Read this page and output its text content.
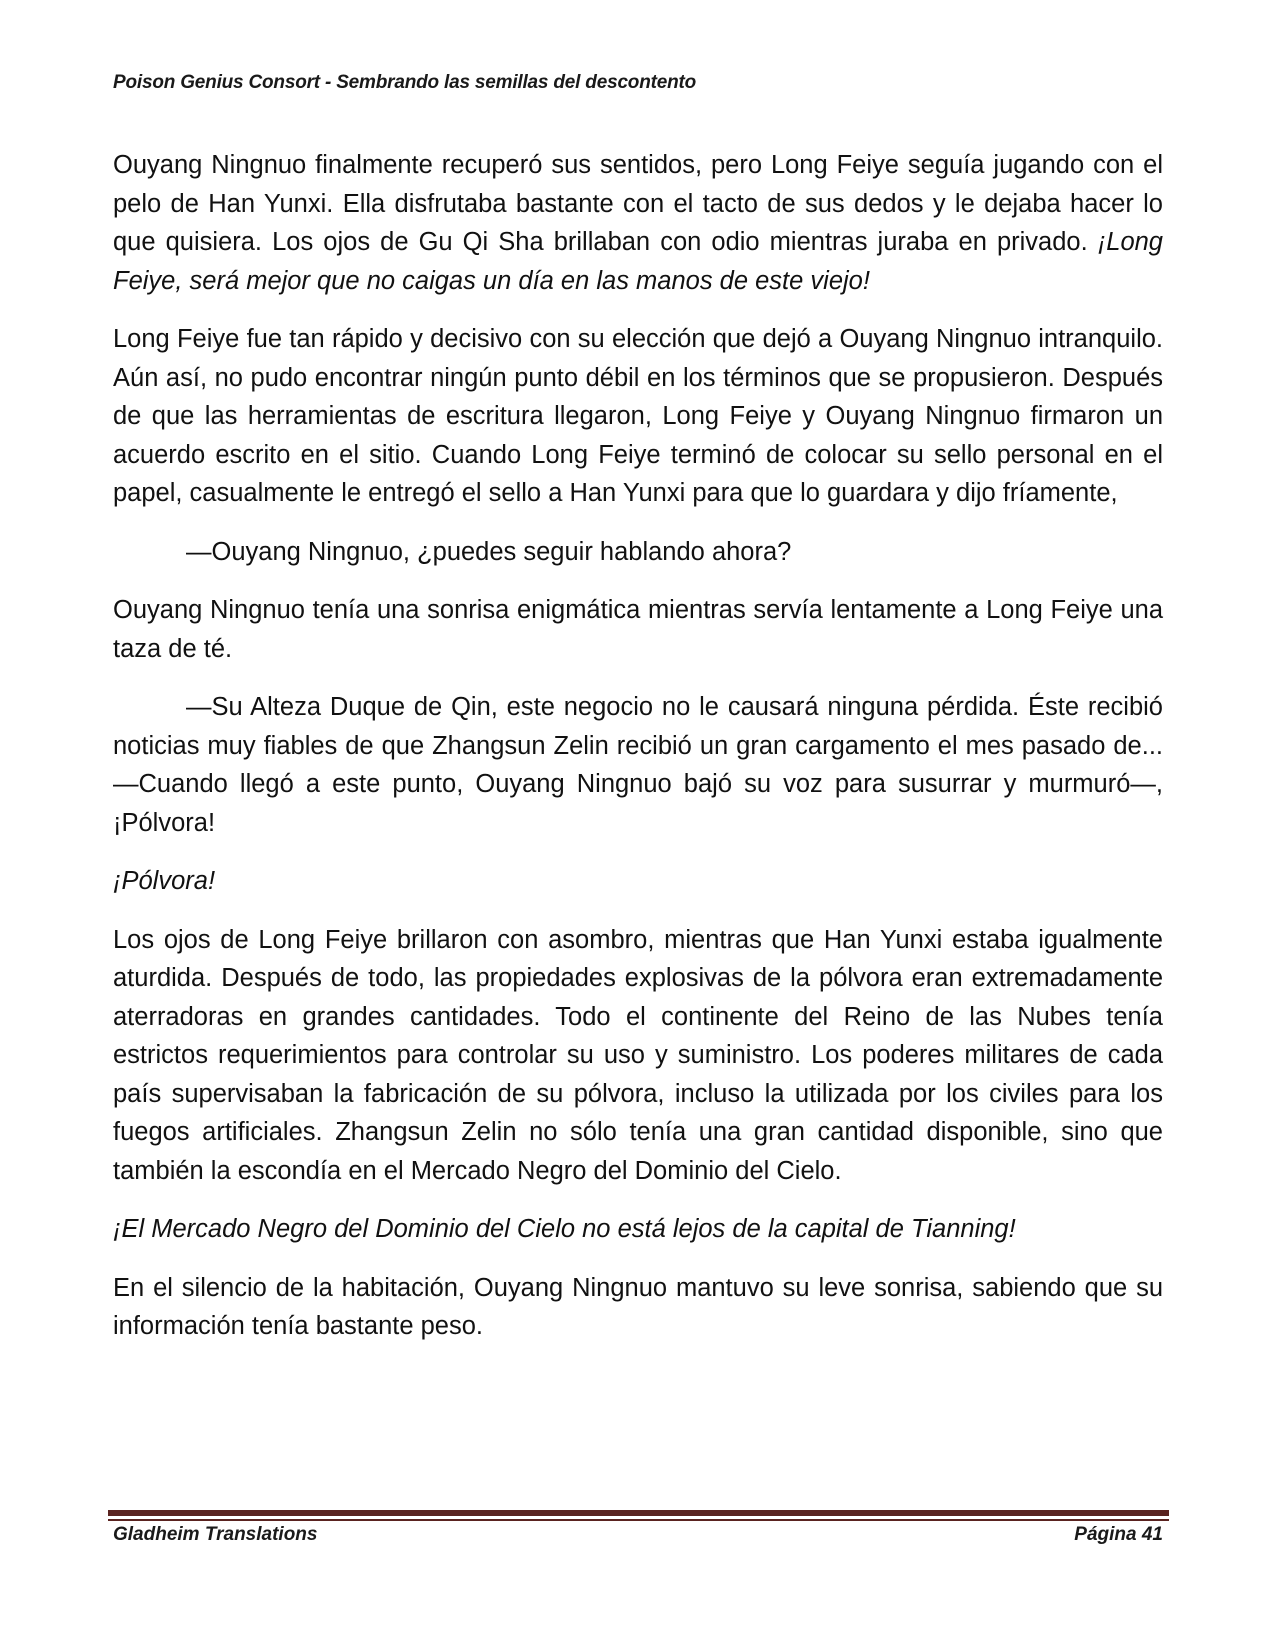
Poison Genius Consort - Sembrando las semillas del descontento

Ouyang Ningnuo finalmente recuperó sus sentidos, pero Long Feiye seguía jugando con el pelo de Han Yunxi. Ella disfrutaba bastante con el tacto de sus dedos y le dejaba hacer lo que quisiera. Los ojos de Gu Qi Sha brillaban con odio mientras juraba en privado. ¡Long Feiye, será mejor que no caigas un día en las manos de este viejo!

Long Feiye fue tan rápido y decisivo con su elección que dejó a Ouyang Ningnuo intranquilo. Aún así, no pudo encontrar ningún punto débil en los términos que se propusieron. Después de que las herramientas de escritura llegaron, Long Feiye y Ouyang Ningnuo firmaron un acuerdo escrito en el sitio. Cuando Long Feiye terminó de colocar su sello personal en el papel, casualmente le entregó el sello a Han Yunxi para que lo guardara y dijo fríamente,

—Ouyang Ningnuo, ¿puedes seguir hablando ahora?

Ouyang Ningnuo tenía una sonrisa enigmática mientras servía lentamente a Long Feiye una taza de té.

—Su Alteza Duque de Qin, este negocio no le causará ninguna pérdida. Éste recibió noticias muy fiables de que Zhangsun Zelin recibió un gran cargamento el mes pasado de... —Cuando llegó a este punto, Ouyang Ningnuo bajó su voz para susurrar y murmuró—, ¡Pólvora!

¡Pólvora!

Los ojos de Long Feiye brillaron con asombro, mientras que Han Yunxi estaba igualmente aturdida. Después de todo, las propiedades explosivas de la pólvora eran extremadamente aterradoras en grandes cantidades. Todo el continente del Reino de las Nubes tenía estrictos requerimientos para controlar su uso y suministro. Los poderes militares de cada país supervisaban la fabricación de su pólvora, incluso la utilizada por los civiles para los fuegos artificiales. Zhangsun Zelin no sólo tenía una gran cantidad disponible, sino que también la escondía en el Mercado Negro del Dominio del Cielo.

¡El Mercado Negro del Dominio del Cielo no está lejos de la capital de Tianning!

En el silencio de la habitación, Ouyang Ningnuo mantuvo su leve sonrisa, sabiendo que su información tenía bastante peso.

Gladheim Translations	Página 41
